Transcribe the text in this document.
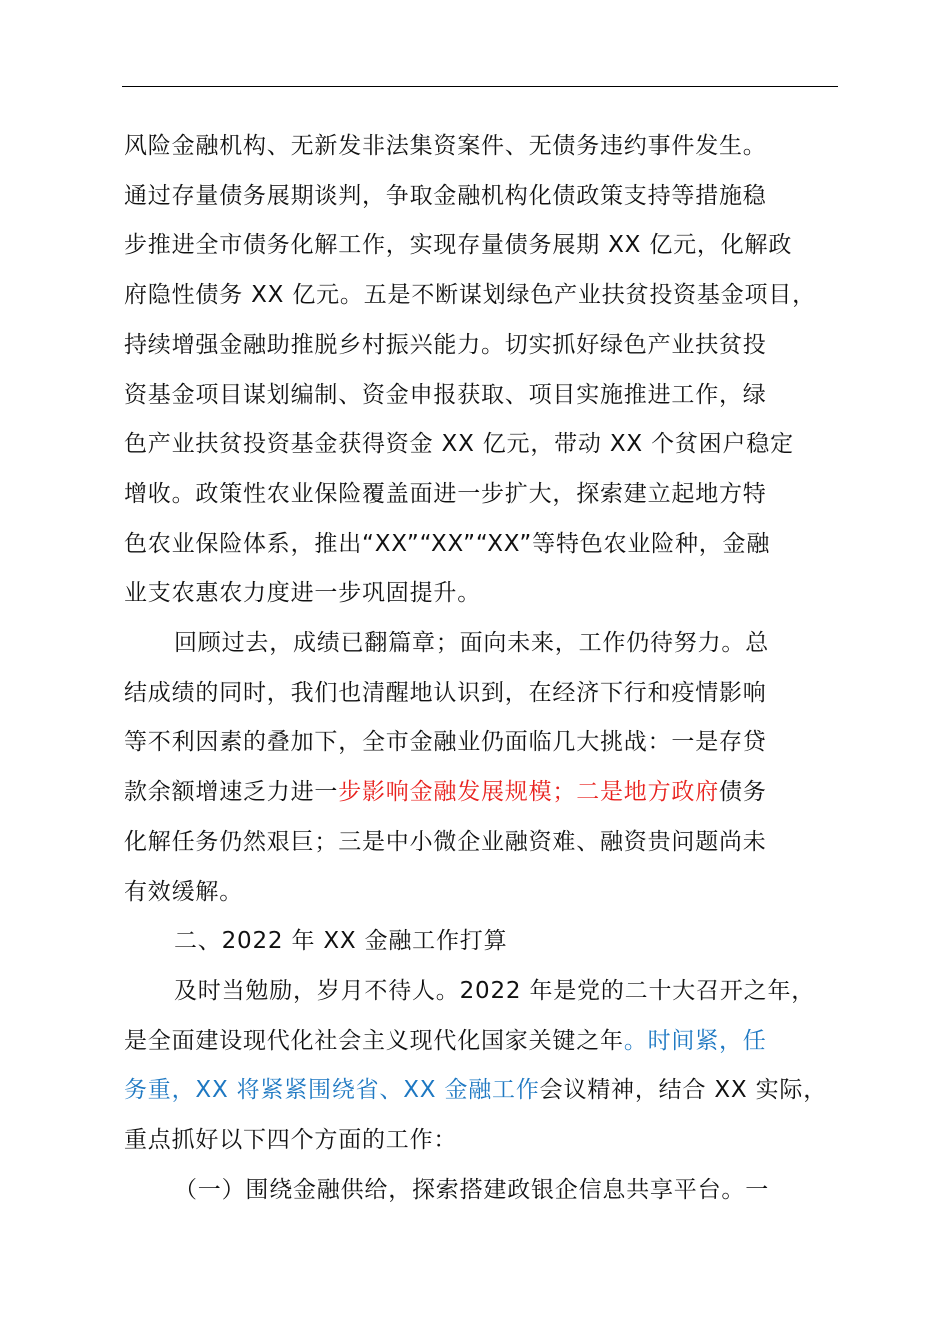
风险金融机构、无新发非法集资案件、无债务违约事件发生。
通过存量债务展期谈判，争取金融机构化债政策支持等措施稳
步推进全市债务化解工作，实现存量债务展期 XX 亿元，化解政
府隐性债务 XX 亿元。五是不断谋划绿色产业扶贫投资基金项目，
持续增强金融助推脱乡村振兴能力。切实抓好绿色产业扶贫投
资基金项目谋划编制、资金申报获取、项目实施推进工作，绿
色产业扶贫投资基金获得资金 XX 亿元，带动 XX 个贫困户稳定
增收。政策性农业保险覆盖面进一步扩大，探索建立起地方特
色农业保险体系，推出“XX”“XX”“XX”等特色农业险种，金融
业支农惠农力度进一步巩固提升。
回顾过去，成绩已翻篇章；面向未来，工作仍待努力。总
结成绩的同时，我们也清醒地认识到，在经济下行和疫情影响
等不利因素的叠加下，全市金融业仍面临几大挑战：一是存贷
款余额增速乏力进一步影响金融发展规模；二是地方政府债务
化解任务仍然艰巨；三是中小微企业融资难、融资贵问题尚未
有效缓解。
二、2022 年 XX 金融工作打算
及时当勉励，岁月不待人。2022 年是党的二十大召开之年，
是全面建设现代化社会主义现代化国家关键之年。时间紧，任
务重，XX 将紧紧围绕省、XX 金融工作会议精神，结合 XX 实际，
重点抓好以下四个方面的工作：
（一）围绕金融供给，探索搭建政银企信息共享平台。一
